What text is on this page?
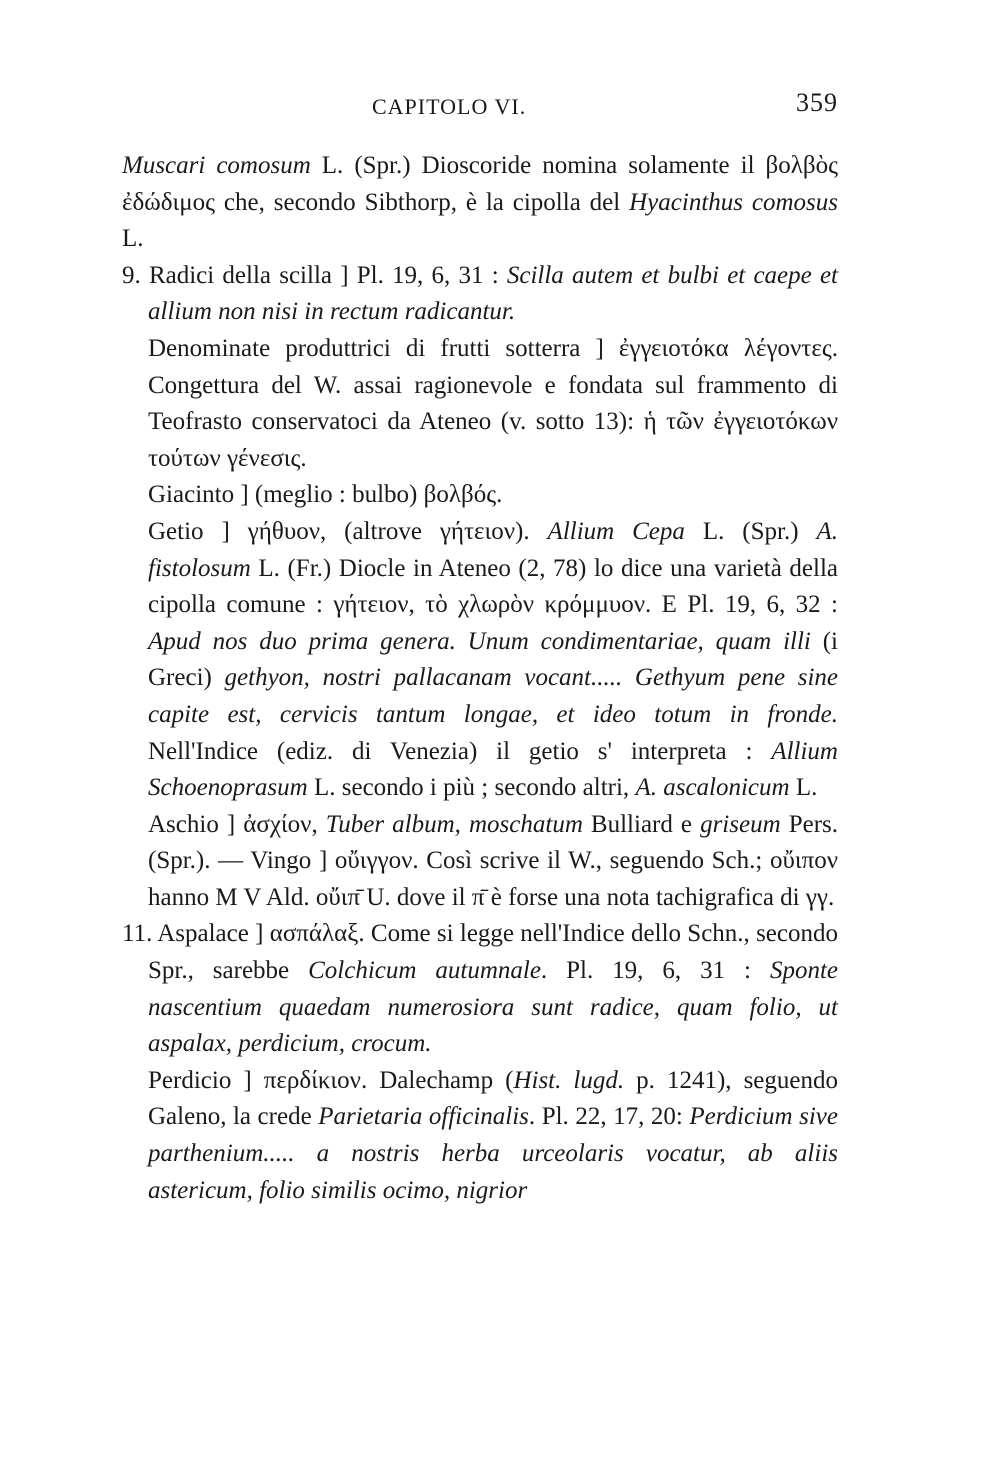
CAPITOLO VI.	359

Muscari comosum L. (Spr.) Dioscoride nomina solamente il βολβὸς ἐδώδιμος che, secondo Sibthorp, è la cipolla del Hyacinthus comosus L.

9. Radici della scilla ] Pl. 19, 6, 31 : Scilla autem et bulbi et caepe et allium non nisi in rectum radicantur.

Denominate produttrici di frutti sotterra ] ἐγγειοτόκα λέγοντες. Congettura del W. assai ragionevole e fondata sul frammento di Teofrasto conservatoci da Ateneo (v. sotto 13): ἡ τῶν ἐγγειοτόκων τούτων γένεσις.

Giacinto ] (meglio : bulbo) βολβός.

Getio ] γήθυον, (altrove γήτειον). Allium Cepa L. (Spr.) A. fistolosum L. (Fr.) Diocle in Ateneo (2, 78) lo dice una varietà della cipolla comune : γήτειον, τὸ χλωρὸν κρόμμυον. E Pl. 19, 6, 32 : Apud nos duo prima genera. Unum condimentariae, quam illi (i Greci) gethyon, nostri pallacanam vocant..... Gethyum pene sine capite est, cervicis tantum longae, et ideo totum in fronde. Nell'Indice (ediz. di Venezia) il getio s' interpreta : Allium Schoenoprasum L. secondo i più ; secondo altri, A. ascalonicum L.

Aschio ] ἀσχίον, Tuber album, moschatum Bulliard e griseum Pers. (Spr.). — Vingo ] οὔιγγον. Così scrive il W., seguendo Sch.; οὔιπον hanno M V Ald. οὔιπ̄ U. dove il π̄ è forse una nota tachigrafica di γγ.

11. Aspalace ] ασπάλαξ. Come si legge nell'Indice dello Schn., secondo Spr., sarebbe Colchicum autumnale. Pl. 19, 6, 31 : Sponte nascentium quaedam numerosiora sunt radice, quam folio, ut aspalax, perdicium, crocum.

Perdicio ] περδίκιον. Dalechamp (Hist. lugd. p. 1241), seguendo Galeno, la crede Parietaria officinalis. Pl. 22, 17, 20: Perdicium sive parthenium..... a nostris herba urceolaris vocatur, ab aliis astericum, folio similis ocimo, nigrior
